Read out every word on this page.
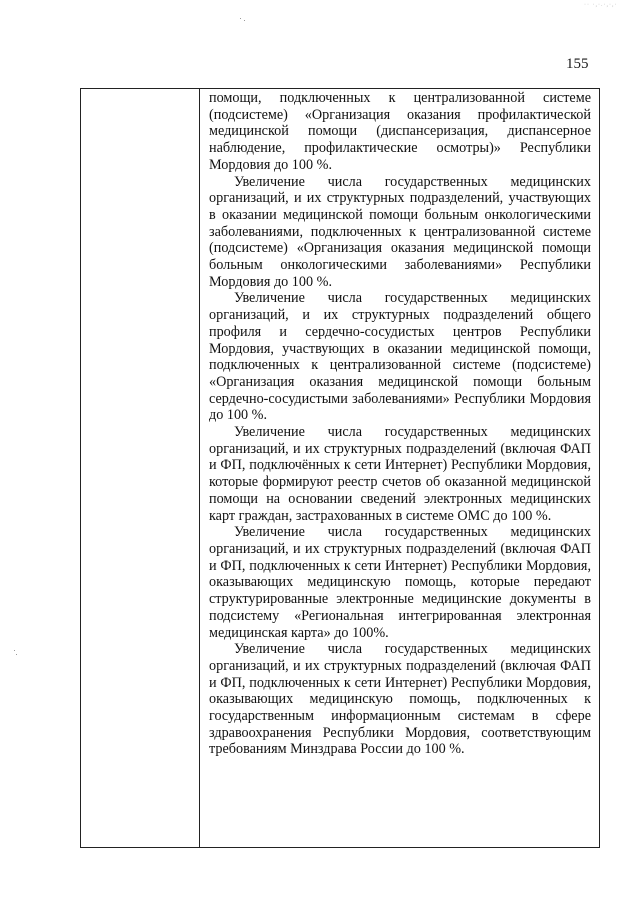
·· ·,·.·,·,·
155

помощи, подключенных к централизованной системе (подсистеме) «Организация оказания профилактической медицинской помощи (диспансеризация, диспансерное наблюдение, профилактические осмотры)» Республики Мордовия до 100 %.

Увеличение числа государственных медицинских организаций, и их структурных подразделений, участвующих в оказании медицинской помощи больным онкологическими заболеваниями, подключенных к централизованной системе (подсистеме) «Организация оказания медицинской помощи больным онкологическими заболеваниями» Республики Мордовия до 100 %.

Увеличение числа государственных медицинских организаций, и их структурных подразделений общего профиля и сердечно-сосудистых центров Республики Мордовия, участвующих в оказании медицинской помощи, подключенных к централизованной системе (подсистеме) «Организация оказания медицинской помощи больным сердечно-сосудистыми заболеваниями» Республики Мордовия до 100 %.

Увеличение числа государственных медицинских организаций, и их структурных подразделений (включая ФАП и ФП, подключённых к сети Интернет) Республики Мордовия, которые формируют реестр счетов об оказанной медицинской помощи на основании сведений электронных медицинских карт граждан, застрахованных в системе ОМС до 100 %.

Увеличение числа государственных медицинских организаций, и их структурных подразделений (включая ФАП и ФП, подключенных к сети Интернет) Республики Мордовия, оказывающих медицинскую помощь, которые передают структурированные электронные медицинские документы в подсистему «Региональная интегрированная электронная медицинская карта» до 100%.

Увеличение числа государственных медицинских организаций, и их структурных подразделений (включая ФАП и ФП, подключенных к сети Интернет) Республики Мордовия, оказывающих медицинскую помощь, подключенных к государственным информационным системам в сфере здравоохранения Республики Мордовия, соответствующим требованиям Минздрава России до 100 %.
